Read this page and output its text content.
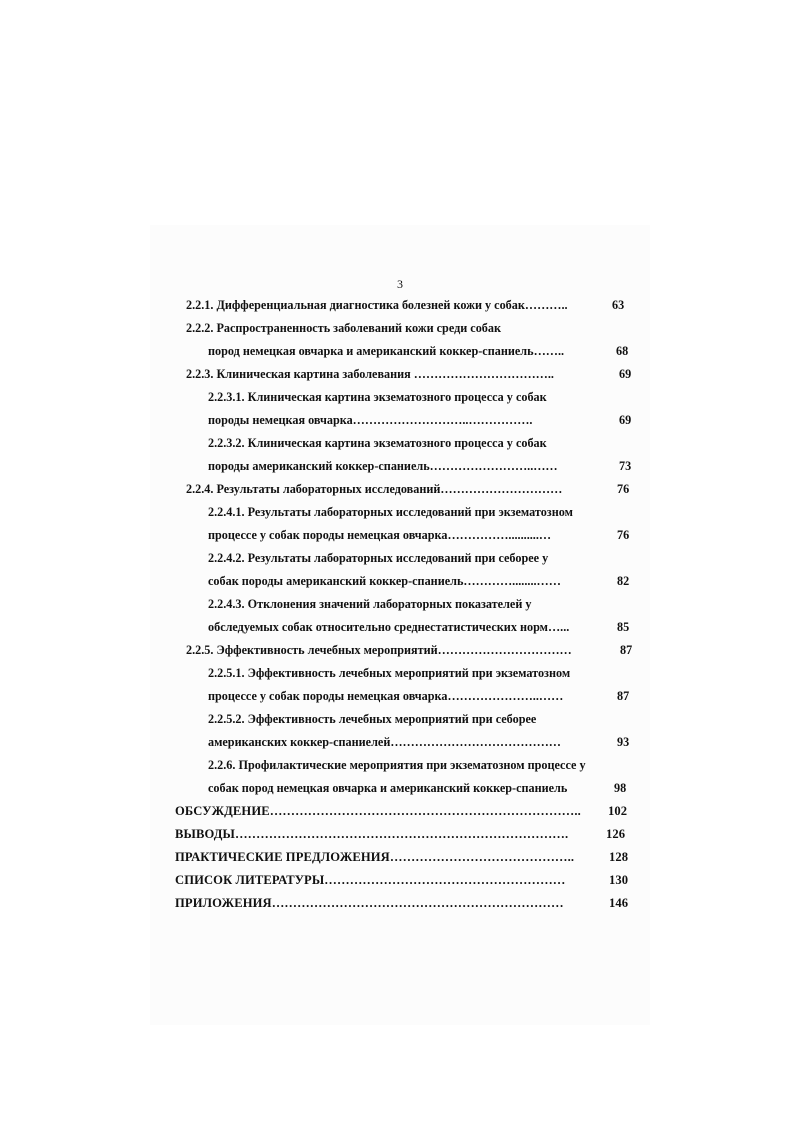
3
2.2.1. Дифференциальная диагностика болезней кожи у собак………..	63
2.2.2. Распространенность заболеваний кожи среди собак
пород немецкая овчарка и американский коккер-спаниель……..	68
2.2.3. Клиническая картина заболевания ……………………………..	69
2.2.3.1. Клиническая картина экзематозного процесса у собак
породы немецкая овчарка………………………..…………….	69
2.2.3.2. Клиническая картина экзематозного процесса у собак
породы американский коккер-спаниель……………………..……	73
2.2.4. Результаты лабораторных исследований…………………………	76
2.2.4.1. Результаты лабораторных исследований при экзематозном
процессе у собак породы немецкая овчарка……………..........…	76
2.2.4.2. Результаты лабораторных исследований при себорее у
собак породы американский коккер-спаниель…………........……	82
2.2.4.3. Отклонения значений лабораторных показателей у
обследуемых собак относительно среднестатистических норм…...	85
2.2.5. Эффективность лечебных мероприятий……………………………	87
2.2.5.1. Эффективность лечебных мероприятий при экзематозном
процессе у собак породы немецкая овчарка…………………..……	87
2.2.5.2. Эффективность лечебных мероприятий при себорее
американских коккер-спаниелей……………………………………	93
2.2.6. Профилактические мероприятия при экзематозном процессе у
собак пород немецкая овчарка и американский коккер-спаниель	98
ОБСУЖДЕНИЕ……………………………………………………………….. 102
ВЫВОДЫ…………………………………………………………………….	126
ПРАКТИЧЕСКИЕ ПРЕДЛОЖЕНИЯ……………………………………..	128
СПИСОК ЛИТЕРАТУРЫ…………………………………………………	130
ПРИЛОЖЕНИЯ……………………………………………………………	146
